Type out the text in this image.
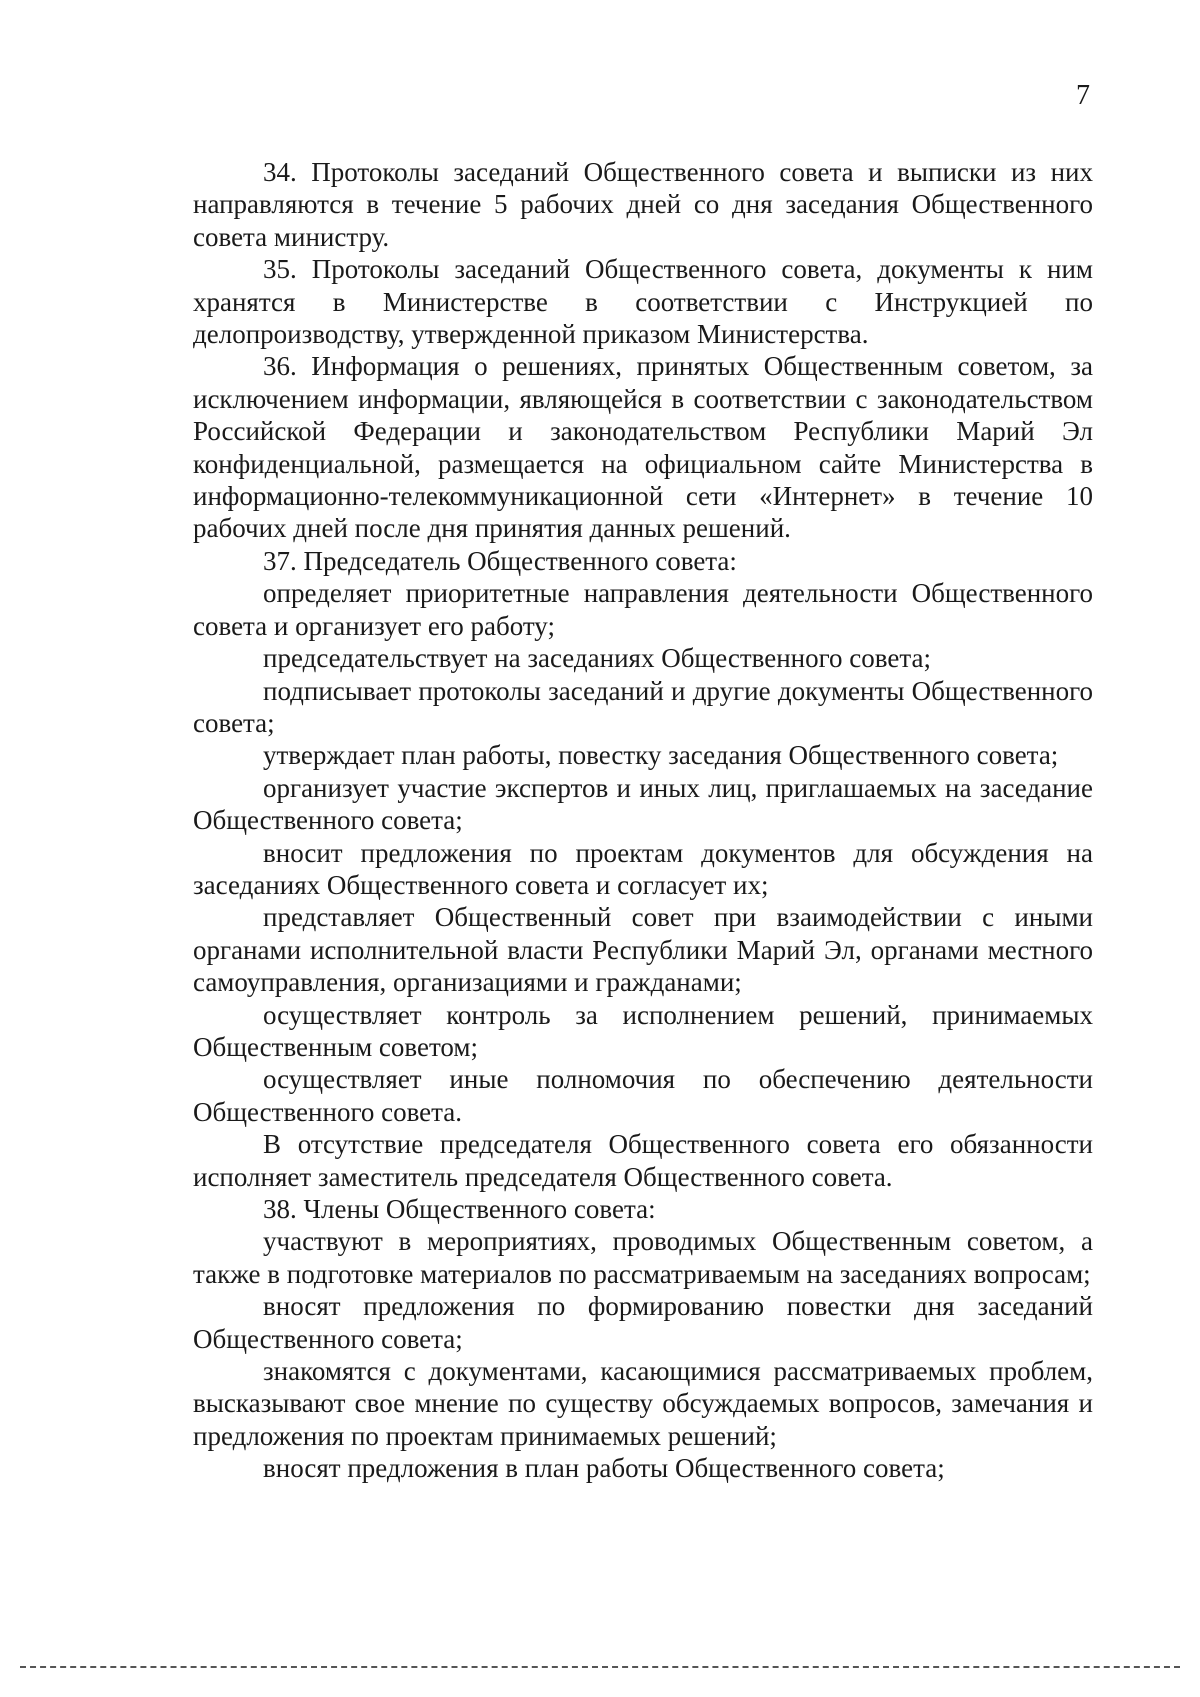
7

34. Протоколы заседаний Общественного совета и выписки из них направляются в течение 5 рабочих дней со дня заседания Общественного совета министру.

35. Протоколы заседаний Общественного совета, документы к ним хранятся в Министерстве в соответствии с Инструкцией по делопроизводству, утвержденной приказом Министерства.

36. Информация о решениях, принятых Общественным советом, за исключением информации, являющейся в соответствии с законодательством Российской Федерации и законодательством Республики Марий Эл конфиденциальной, размещается на официальном сайте Министерства в информационно-телекоммуникационной сети «Интернет» в течение 10 рабочих дней после дня принятия данных решений.

37. Председатель Общественного совета:

определяет приоритетные направления деятельности Общественного совета и организует его работу;

председательствует на заседаниях Общественного совета;

подписывает протоколы заседаний и другие документы Общественного совета;

утверждает план работы, повестку заседания Общественного совета;

организует участие экспертов и иных лиц, приглашаемых на заседание Общественного совета;

вносит предложения по проектам документов для обсуждения на заседаниях Общественного совета и согласует их;

представляет Общественный совет при взаимодействии с иными органами исполнительной власти Республики Марий Эл, органами местного самоуправления, организациями и гражданами;

осуществляет контроль за исполнением решений, принимаемых Общественным советом;

осуществляет иные полномочия по обеспечению деятельности Общественного совета.

В отсутствие председателя Общественного совета его обязанности исполняет заместитель председателя Общественного совета.

38. Члены Общественного совета:

участвуют в мероприятиях, проводимых Общественным советом, а также в подготовке материалов по рассматриваемым на заседаниях вопросам;

вносят предложения по формированию повестки дня заседаний Общественного совета;

знакомятся с документами, касающимися рассматриваемых проблем, высказывают свое мнение по существу обсуждаемых вопросов, замечания и предложения по проектам принимаемых решений;

вносят предложения в план работы Общественного совета;
